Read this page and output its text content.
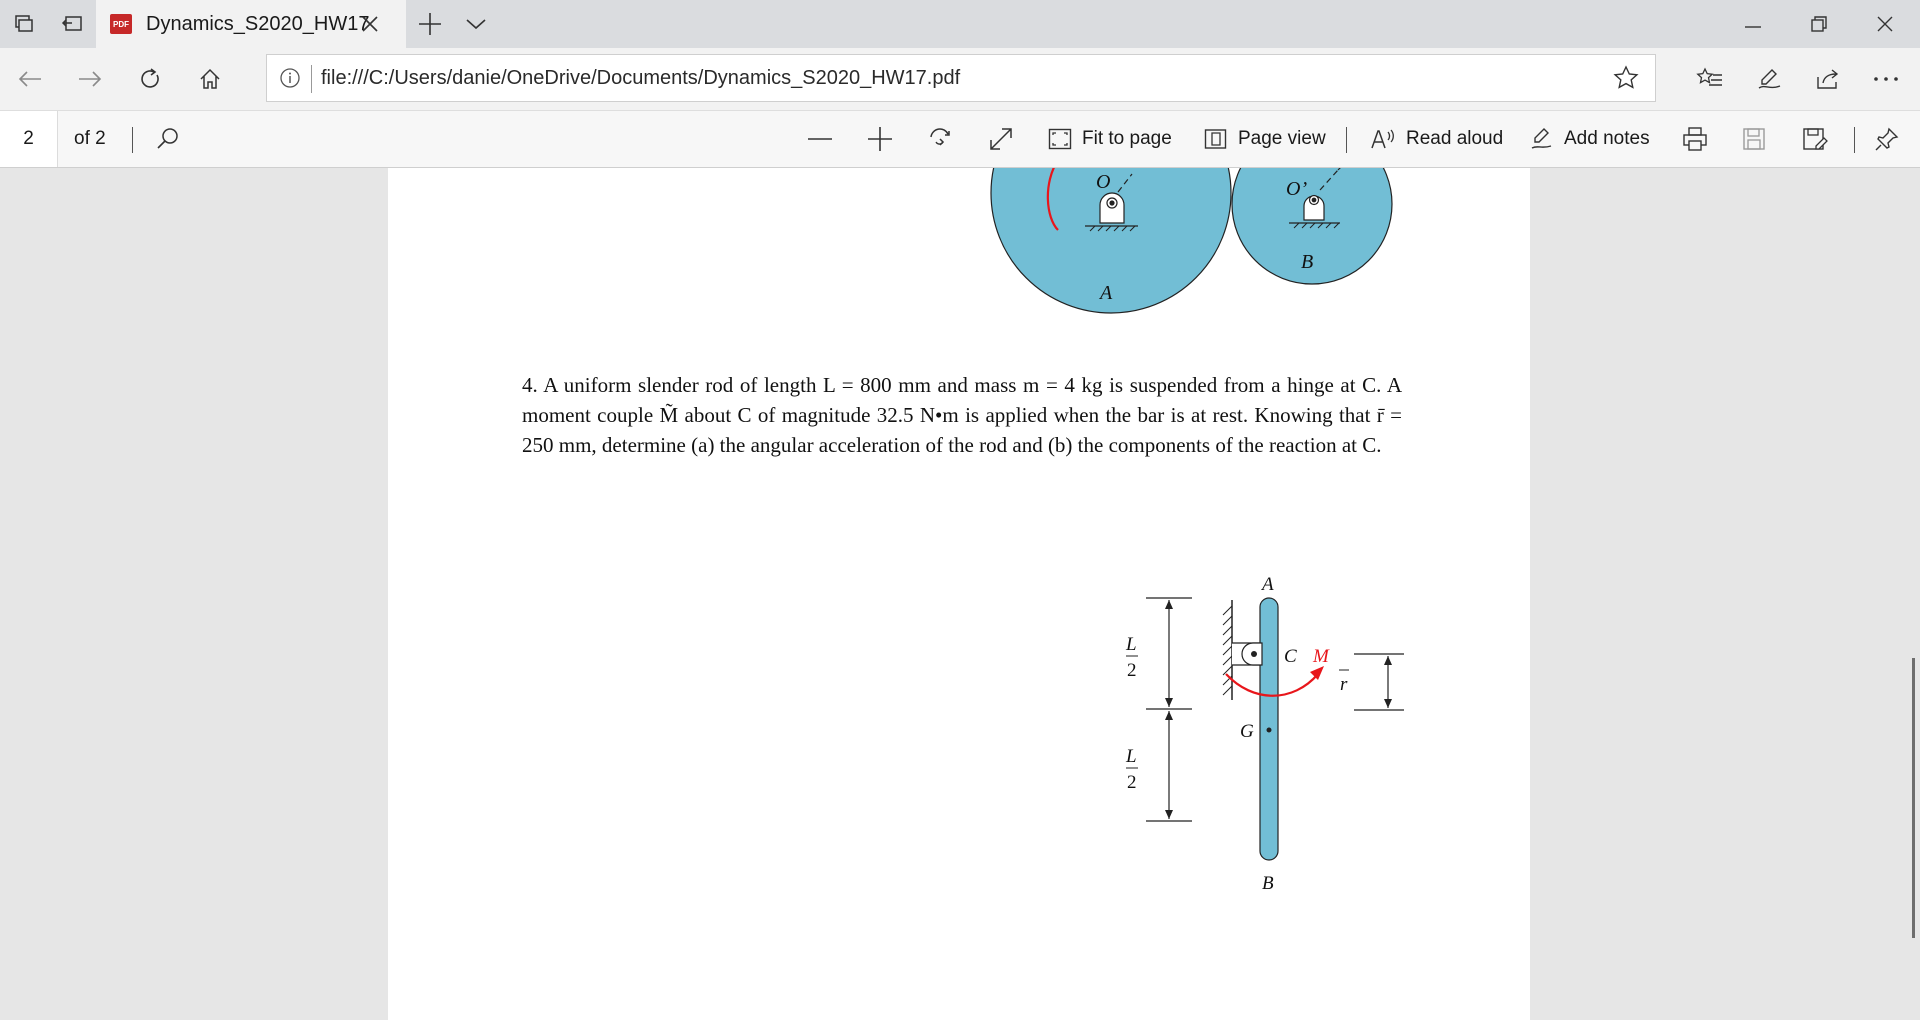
PDF Dynamics_S2020_HW17
file:///C:/Users/danie/OneDrive/Documents/Dynamics_S2020_HW17.pdf
2	of 2	Fit to page	Page view	Read aloud	Add notes
O	O’
B
A
4. A uniform slender rod of length L = 800 mm and mass m = 4 kg is suspended from a hinge at C. A moment couple M̃ about C of magnitude 32.5 N•m is applied when the bar is at rest. Knowing that r̄ = 250 mm, determine (a) the angular acceleration of the rod and (b) the components of the reaction at C.
A
B
C M
G
r
L
2
L
2
